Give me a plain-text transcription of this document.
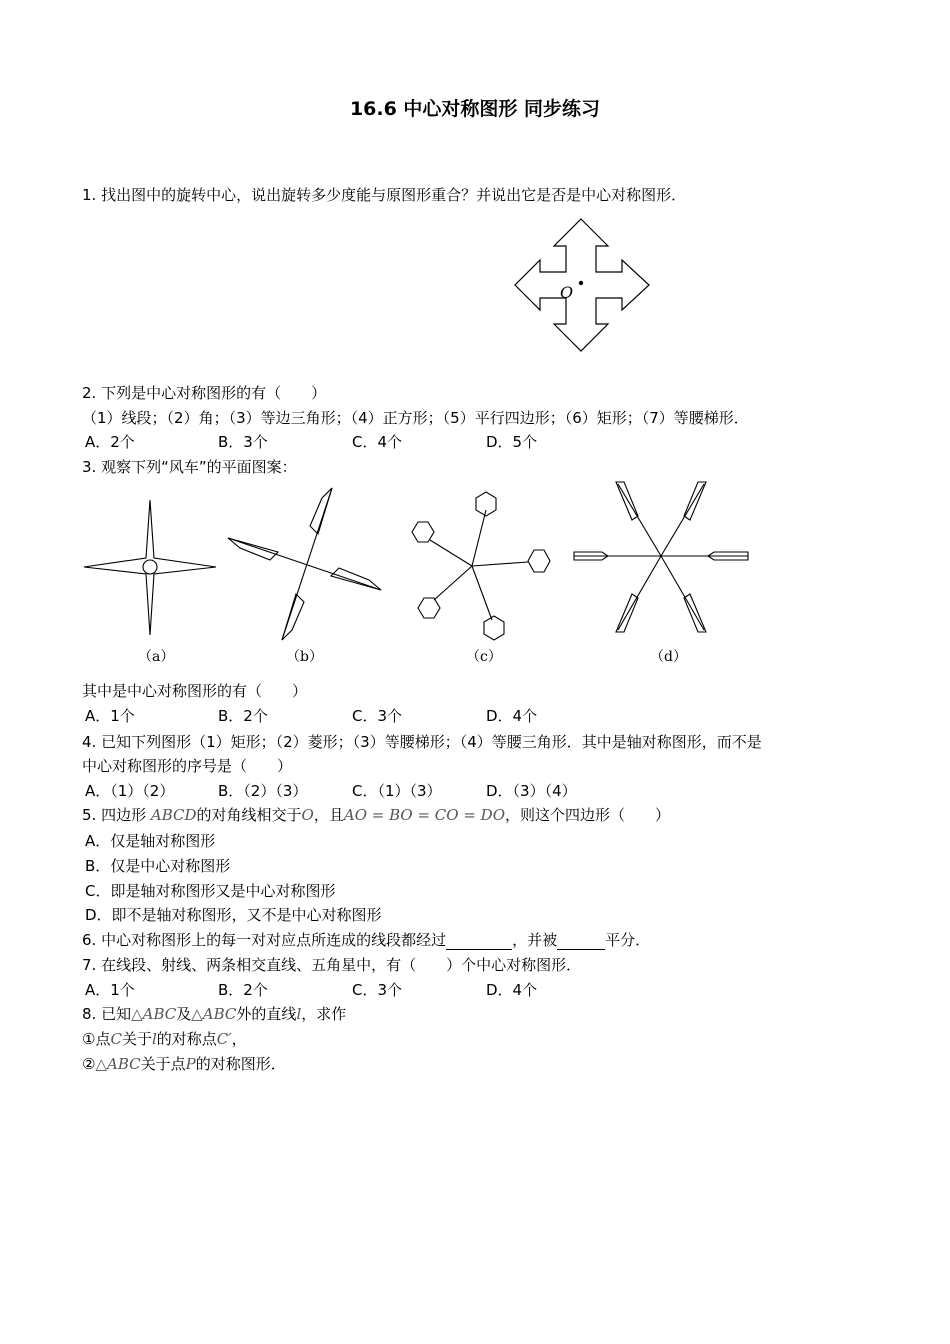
16.6 中心对称图形 同步练习
1. 找出图中的旋转中心，说出旋转多少度能与原图形重合？并说出它是否是中心对称图形．
O
2. 下列是中心对称图形的有（　　）
（1）线段；（2）角；（3）等边三角形；（4）正方形；（5）平行四边形；（6）矩形；（7）等腰梯形．
A．2个	B．3个	C．4个	D．5个
3. 观察下列“风车”的平面图案：
（a）	（b）	（c）	（d）
其中是中心对称图形的有（　　）
A．1个	B．2个	C．3个	D．4个
4. 已知下列图形（1）矩形；（2）菱形；（3）等腰梯形；（4）等腰三角形．其中是轴对称图形，而不是
中心对称图形的序号是（　　）
A．（1）（2）	B．（2）（3）	C．（1）（3）	D．（3）（4）
5. 四边形 ABCD的对角线相交于O，且AO = BO = CO = DO，则这个四边形（　　）
A．仅是轴对称图形
B．仅是中心对称图形
C．即是轴对称图形又是中心对称图形
D．即不是轴对称图形，又不是中心对称图形
6. 中心对称图形上的每一对对应点所连成的线段都经过	，并被	平分．
7. 在线段、射线、两条相交直线、五角星中，有（　　）个中心对称图形．
A．1个	B．2个	C．3个	D．4个
8. 已知△ABC及△ABC外的直线l，求作
①点C关于l的对称点C′，
②△ABC关于点P的对称图形．
